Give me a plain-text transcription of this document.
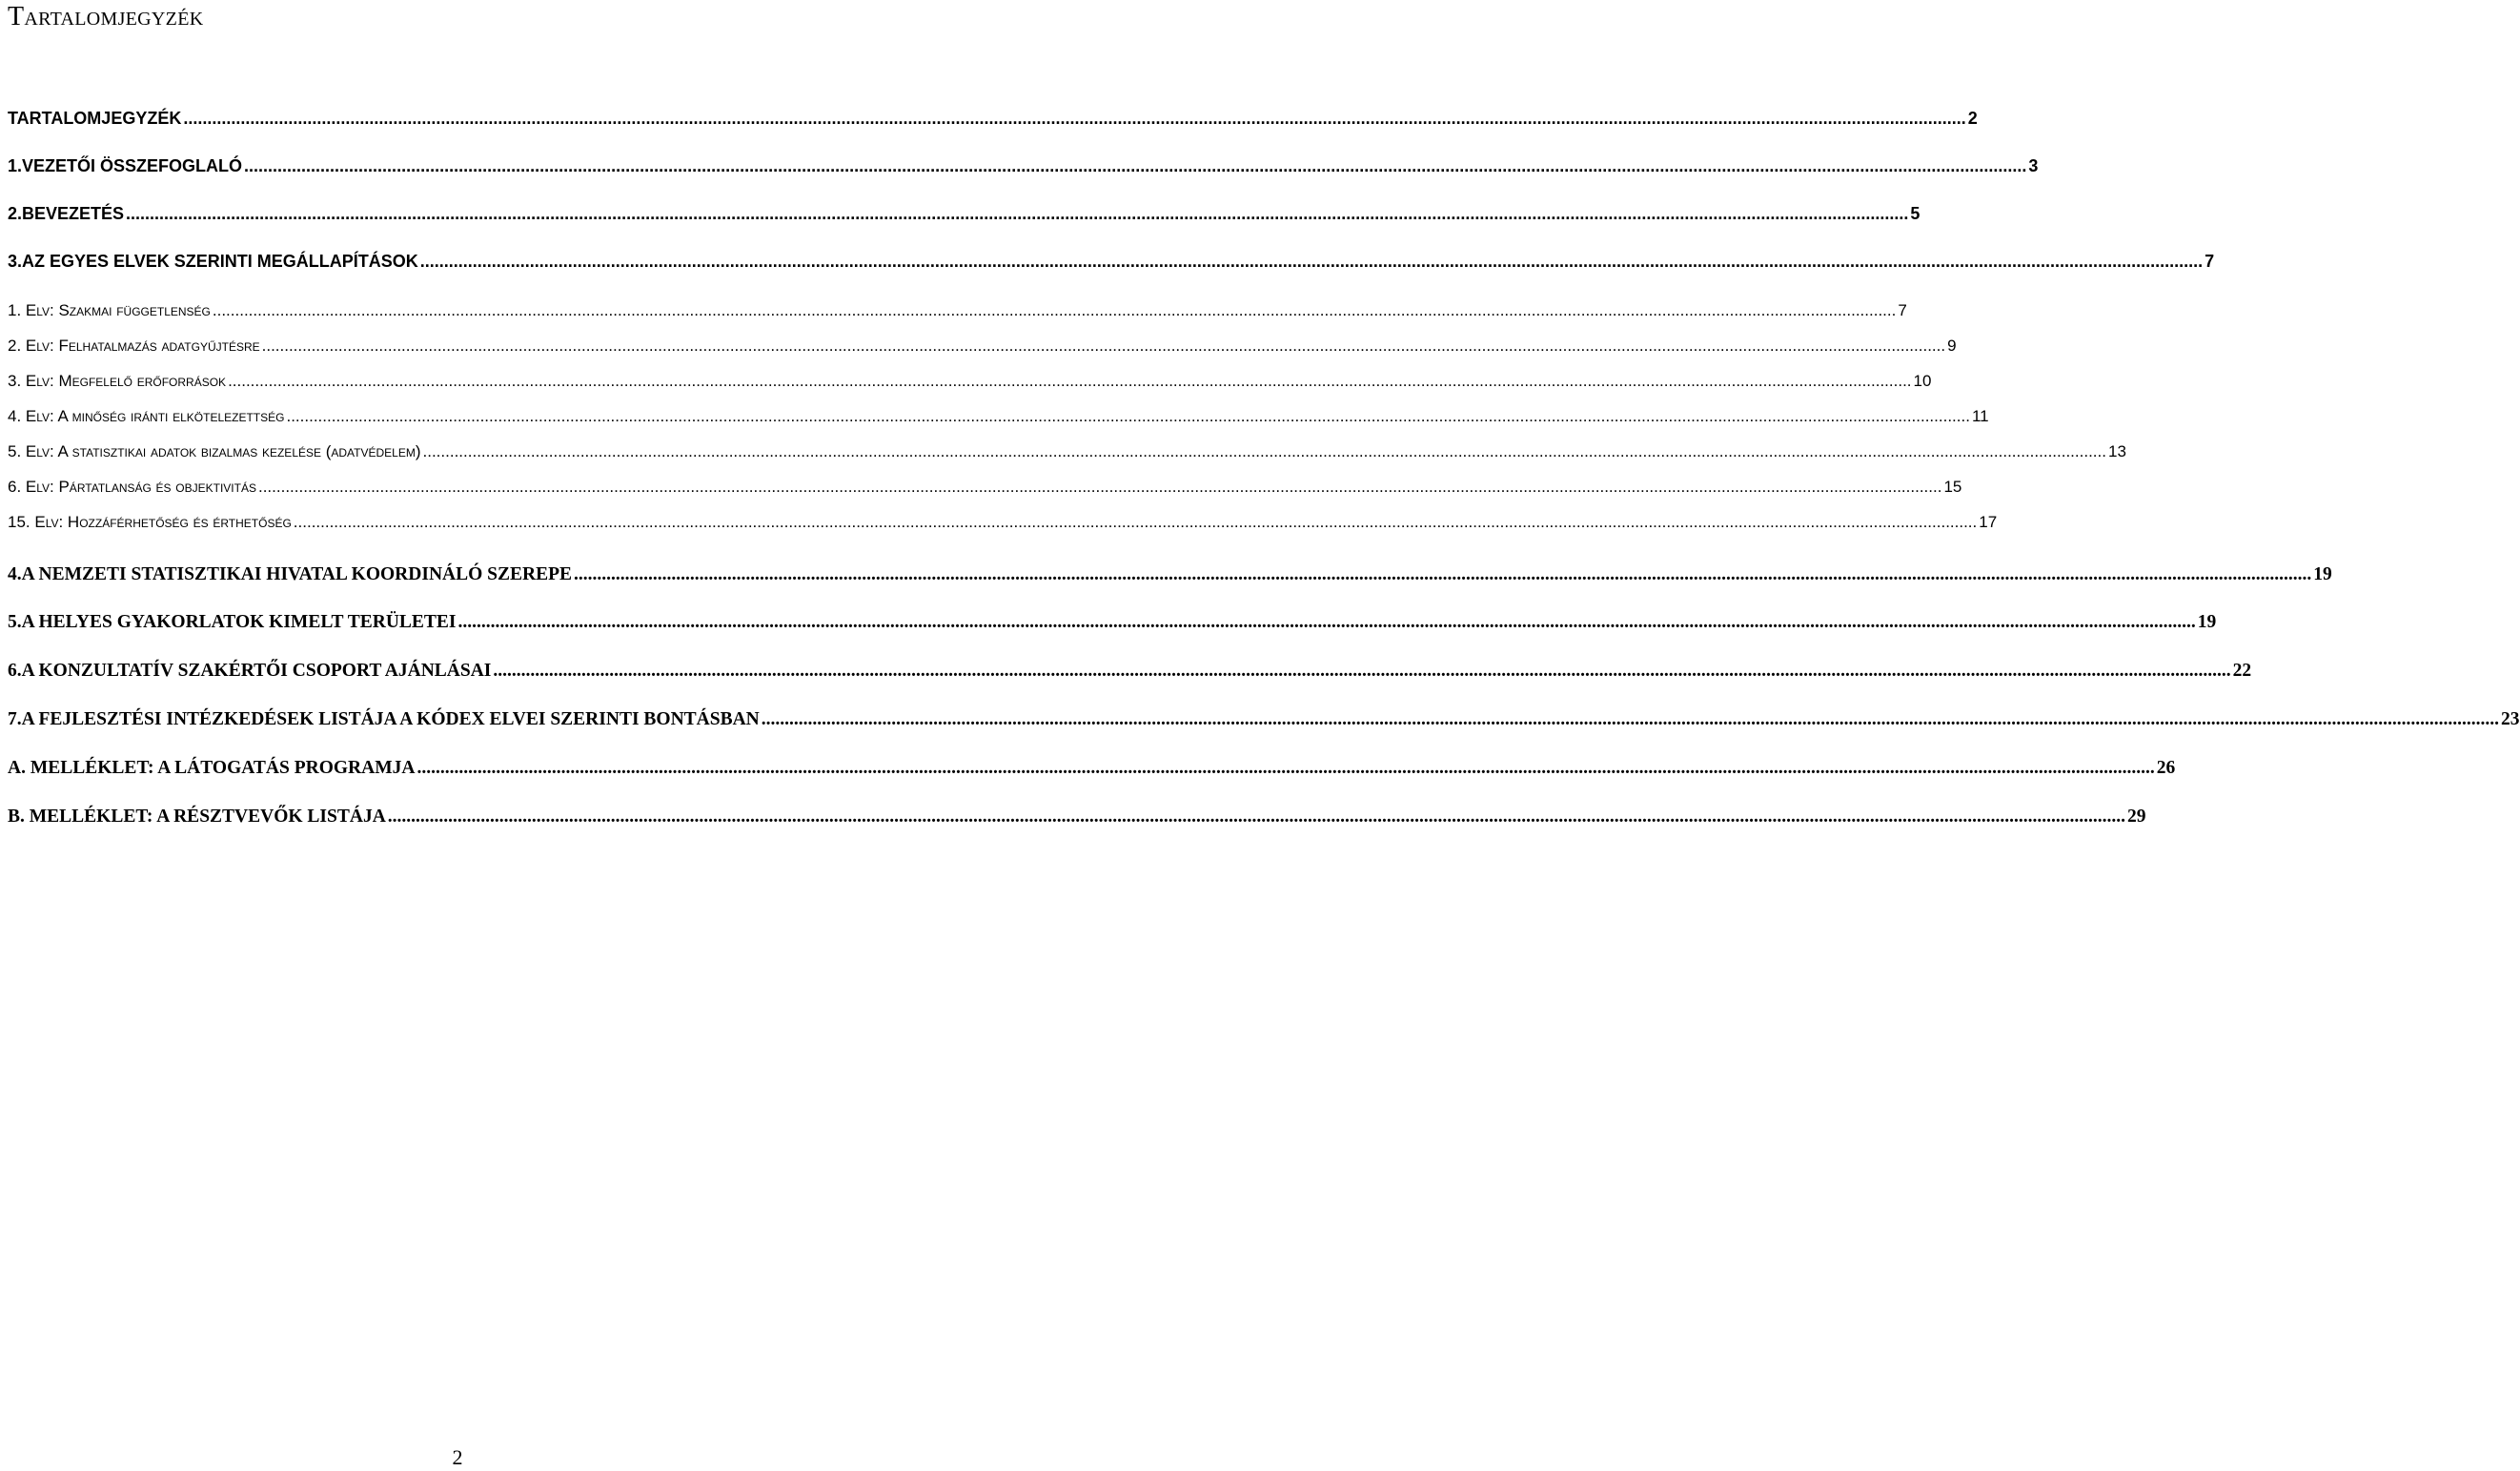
Tartalomjegyzék
TARTALOMJEGYZÉK .....	2
1. VEZETŐI ÖSSZEFOGLALÓ .....	3
2. BEVEZETÉS .....	5
3. AZ EGYES ELVEK SZERINTI MEGÁLLAPÍTÁSOK .....	7
1. Elv: Szakmai függetlenség .....	7
2. Elv: Felhatalmazás adatgyűjtésre .....	9
3. Elv: Megfelelő erőforrások .....	10
4. Elv: A minőség iránti elkötelezettség .....	11
5. Elv: A statisztikai adatok bizalmas kezelése (adatvédelem) .....	13
6. Elv: Pártatlanság és objektivitás .....	15
15. Elv: Hozzáférhetőség és érthetőség .....	17
4. A NEMZETI STATISZTIKAI HIVATAL KOORDINÁLÓ SZEREPE .....	19
5. A HELYES GYAKORLATOK KIMELT TERÜLETEI .....	19
6. A KONZULTATÍV SZAKÉRTŐI CSOPORT AJÁNLÁSAI .....	22
7. A FEJLESZTÉSI INTÉZKEDÉSEK LISTÁJA A KÓDEX ELVEI SZERINTI BONTÁSBAN .....	23
A. MELLÉKLET: A LÁTOGATÁS PROGRAMJA .....	26
B. MELLÉKLET: A RÉSZTVEVŐK LISTÁJA .....	29
2
